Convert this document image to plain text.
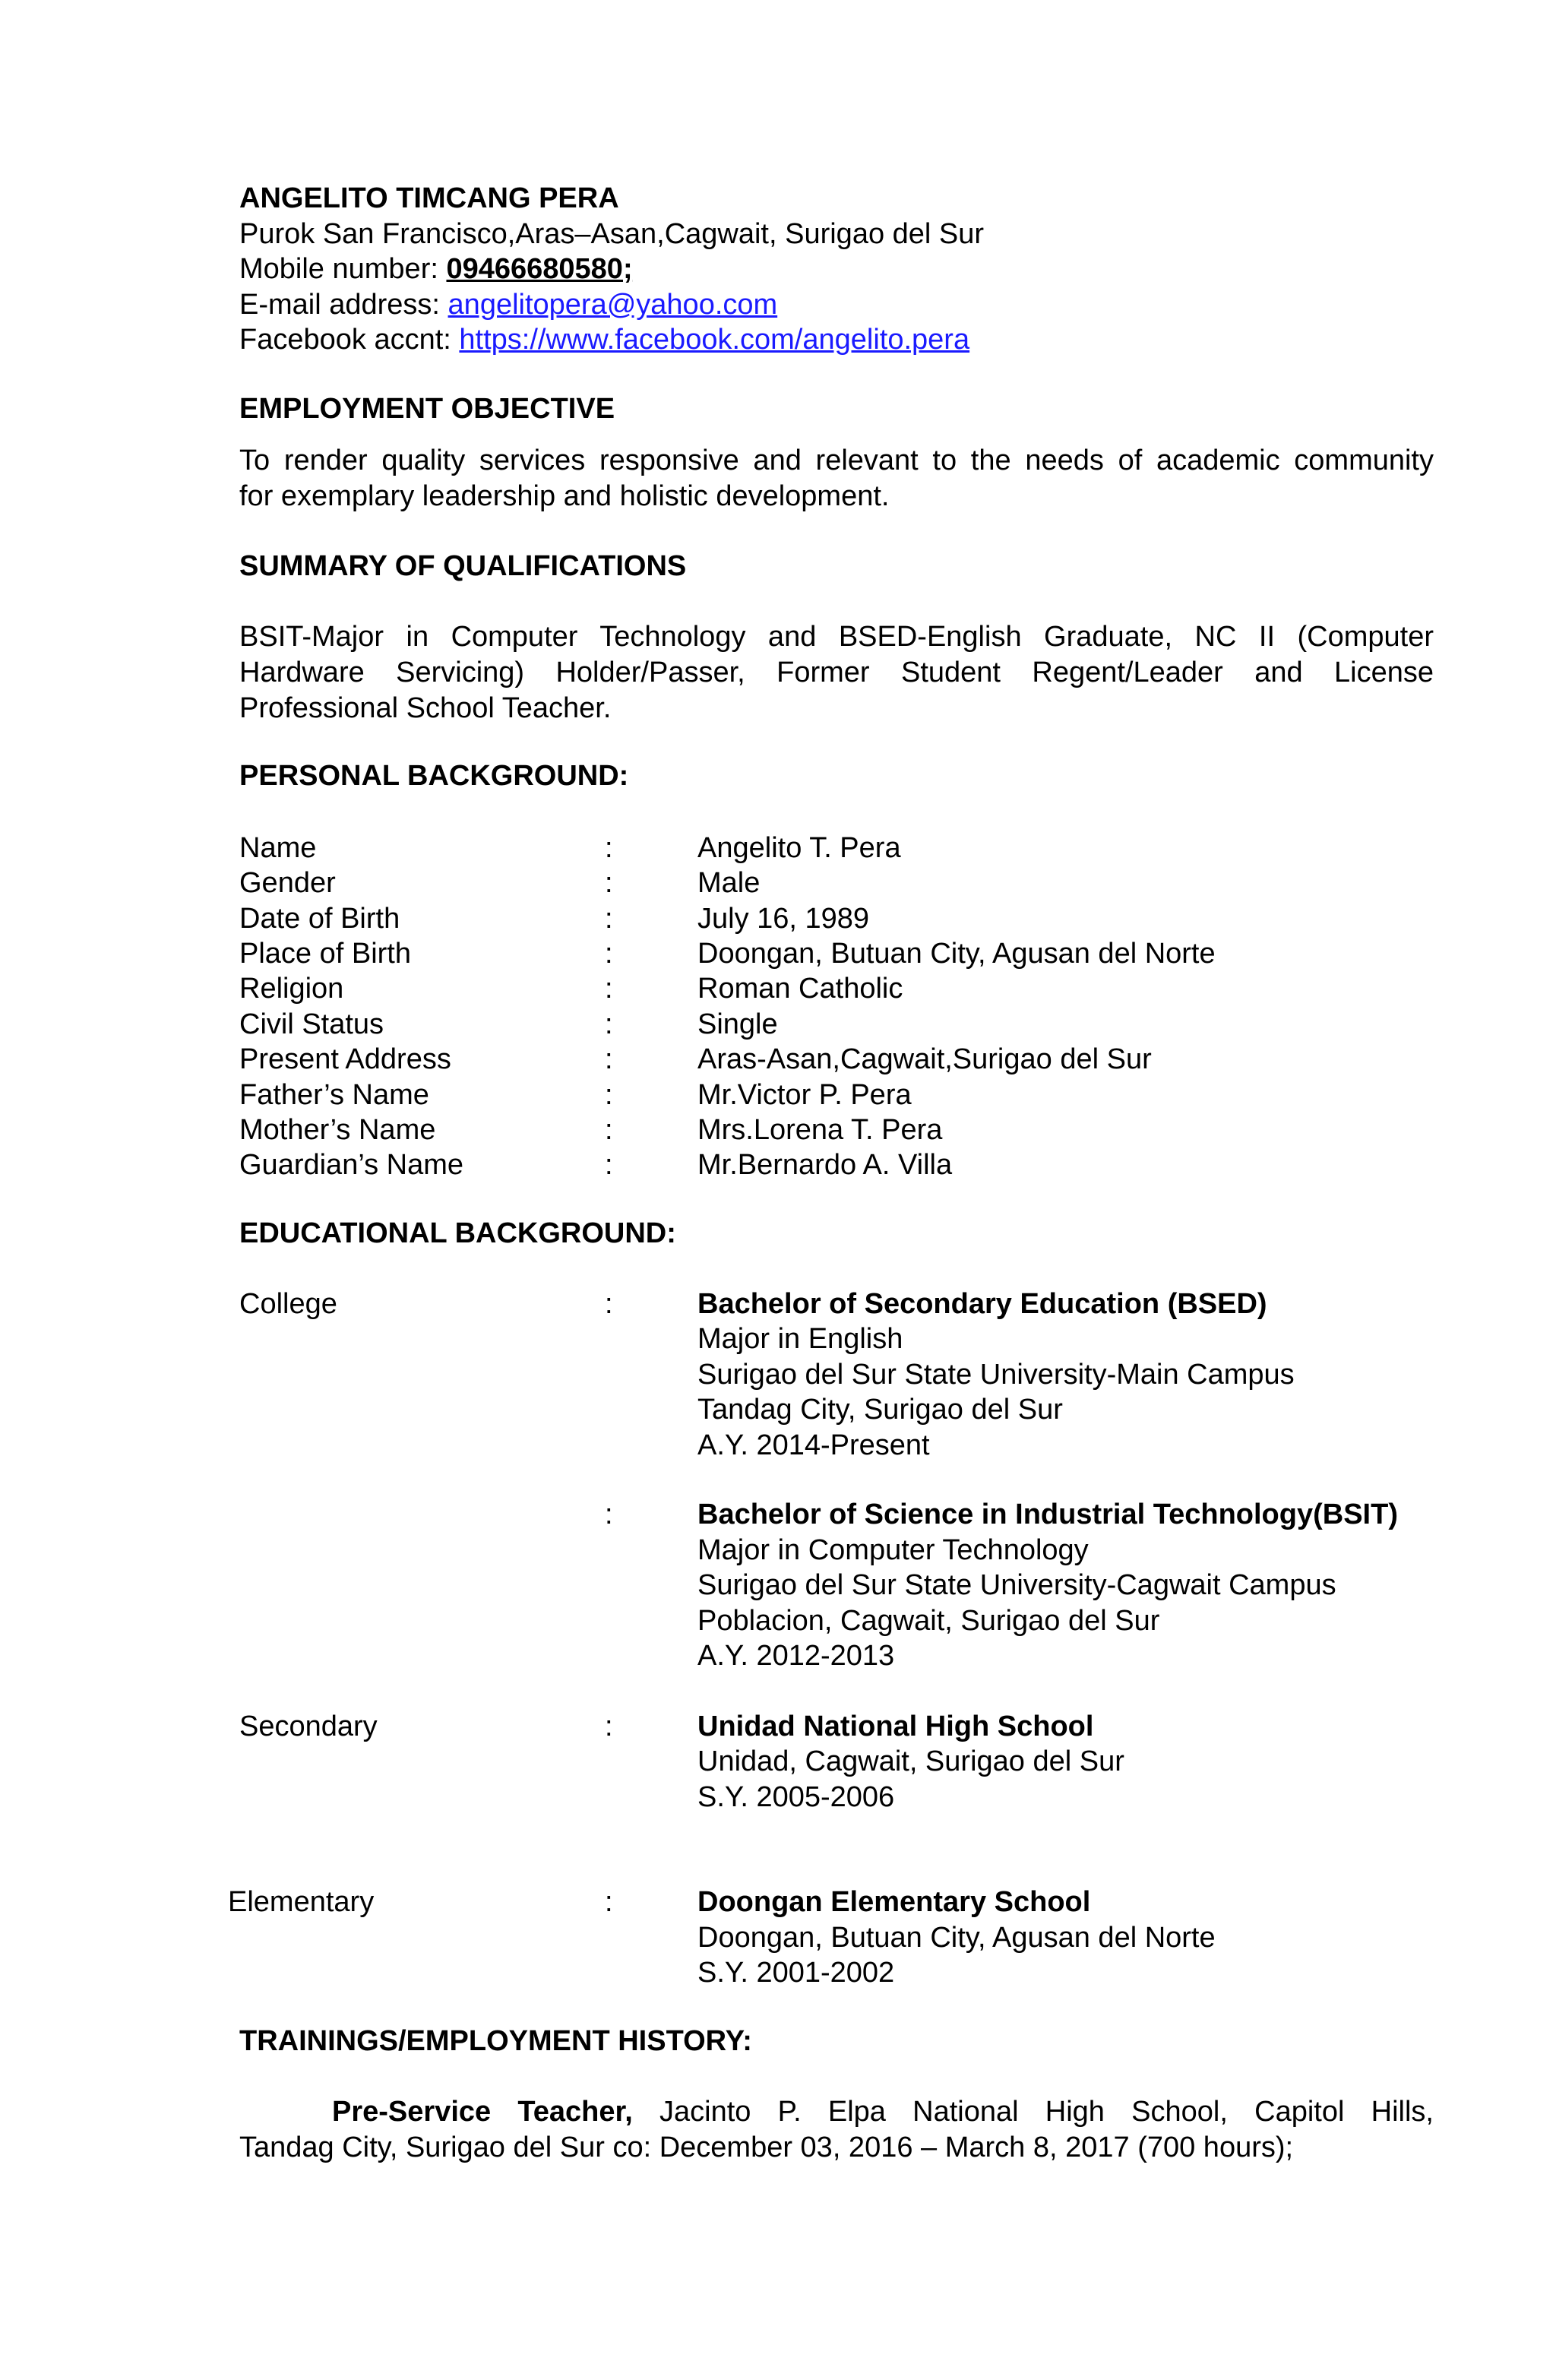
ANGELITO TIMCANG PERA
Purok San Francisco,Aras–Asan,Cagwait, Surigao del Sur
Mobile number: 09466680580;
E-mail address: angelitopera@yahoo.com
Facebook accnt: https://www.facebook.com/angelito.pera
EMPLOYMENT OBJECTIVE
To render quality services responsive and relevant to the needs of academic community
for exemplary leadership and holistic development.
SUMMARY OF QUALIFICATIONS
BSIT-Major in Computer Technology and BSED-English Graduate, NC II (Computer
Hardware Servicing) Holder/Passer, Former Student Regent/Leader and License
Professional School Teacher.
PERSONAL BACKGROUND:
Name	:	Angelito T. Pera
Gender	:	Male
Date of Birth	:	July 16, 1989
Place of Birth	:	Doongan, Butuan City, Agusan del Norte
Religion	:	Roman Catholic
Civil Status	:	Single
Present Address	:	Aras-Asan,Cagwait,Surigao del Sur
Father’s Name	:	Mr.Victor P. Pera
Mother’s Name	:	Mrs.Lorena T. Pera
Guardian’s Name	:	Mr.Bernardo A. Villa
EDUCATIONAL BACKGROUND:
College	:	Bachelor of Secondary Education (BSED)
Major in English
Surigao del Sur State University-Main Campus
Tandag City, Surigao del Sur
A.Y. 2014-Present
:	Bachelor of Science in Industrial Technology(BSIT)
Major in Computer Technology
Surigao del Sur State University-Cagwait Campus
Poblacion, Cagwait, Surigao del Sur
A.Y. 2012-2013
Secondary	:	Unidad National High School
Unidad, Cagwait, Surigao del Sur
S.Y. 2005-2006
Elementary	:	Doongan Elementary School
Doongan, Butuan City, Agusan del Norte
S.Y. 2001-2002
TRAININGS/EMPLOYMENT HISTORY:
Pre-Service Teacher, Jacinto P. Elpa National High School, Capitol Hills,
Tandag City, Surigao del Sur co: December 03, 2016 – March 8, 2017 (700 hours);
